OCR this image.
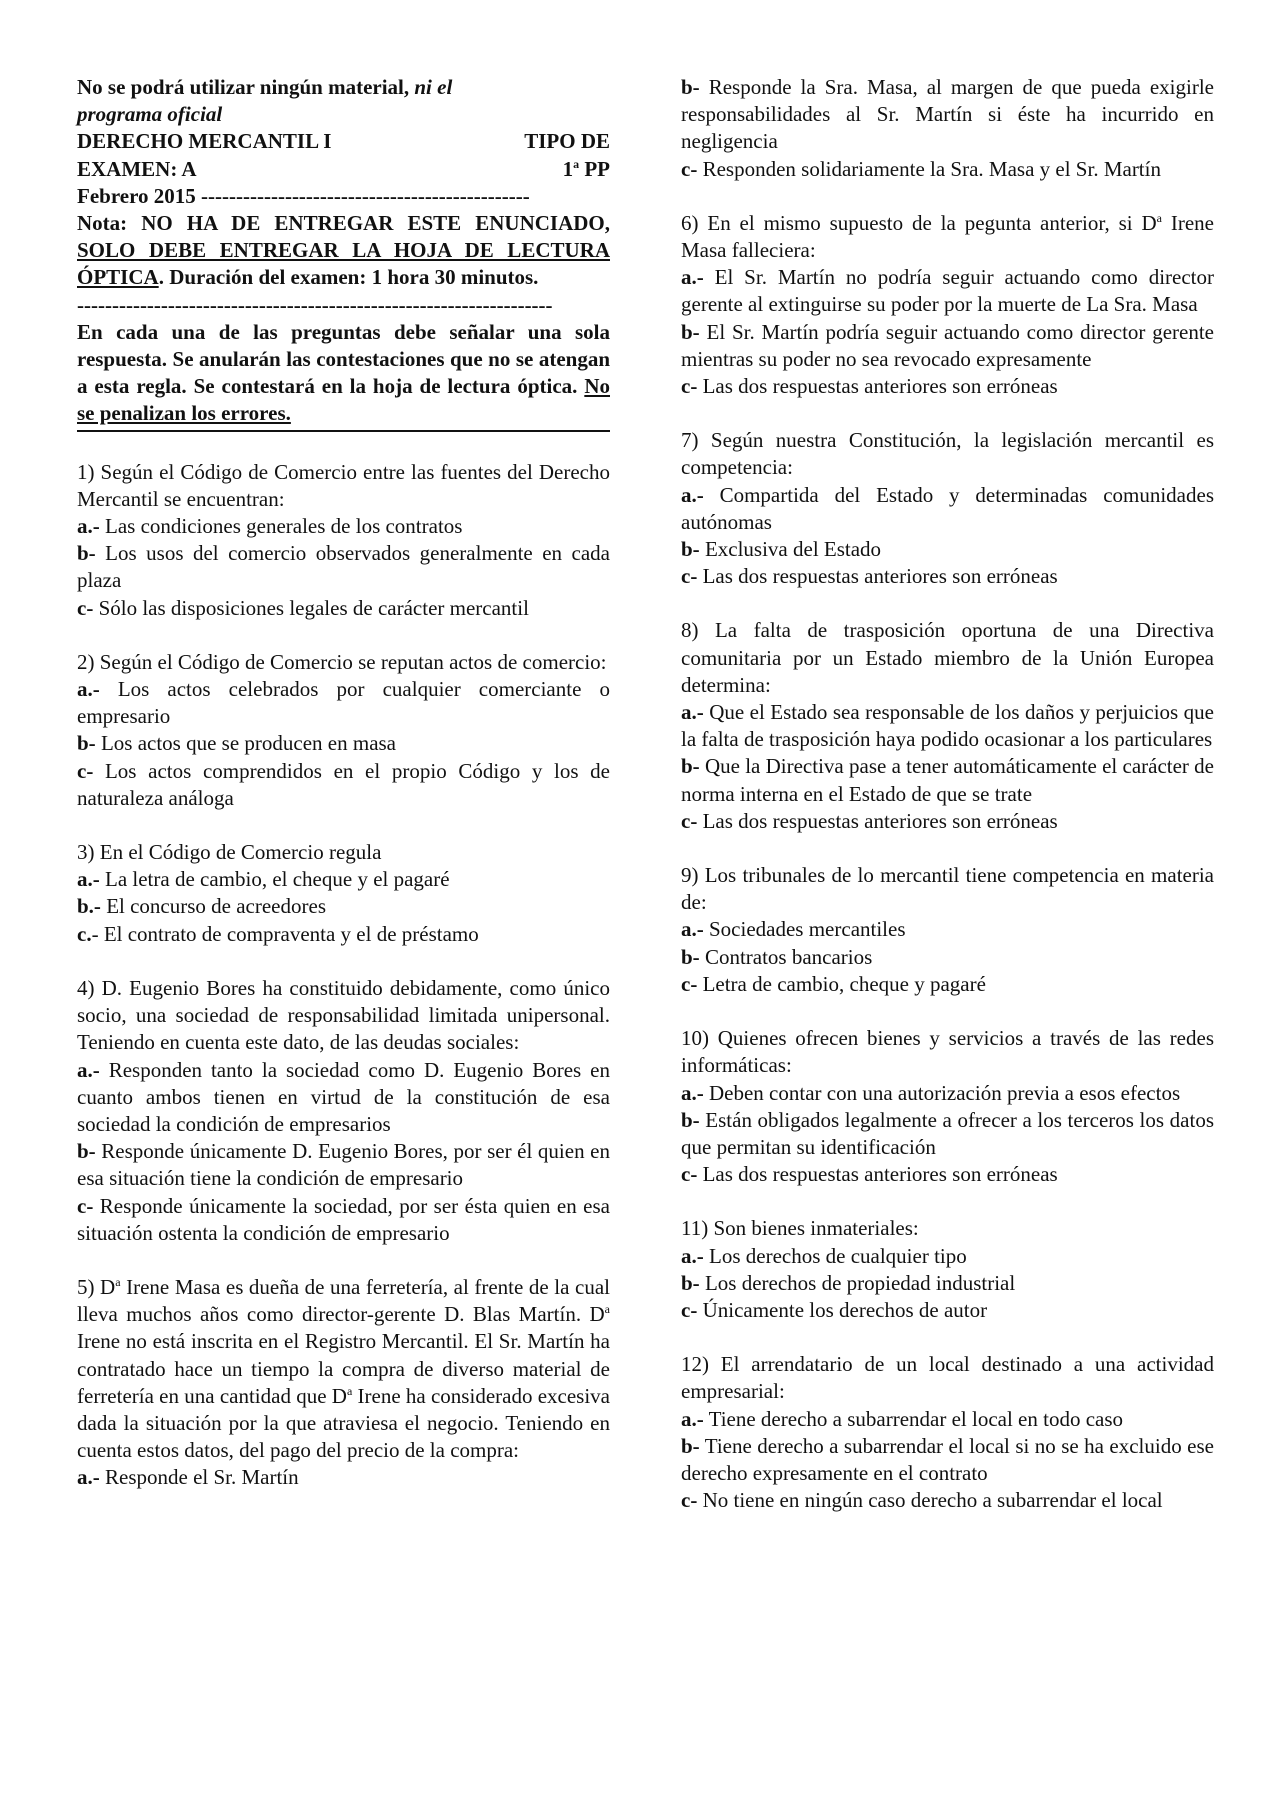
No se podrá utilizar ningún material, ni el

programa oficial

DERECHO MERCANTIL I	TIPO DE
EXAMEN: A	1$^a$ PP

Febrero 2015 -----------------------------------------------

Nota: NO HA DE ENTREGAR ESTE ENUNCIADO, SOLO DEBE ENTREGAR LA HOJA DE LECTURA ÓPTICA. Duración del examen: 1 hora 30 minutos.

--------------------------------------------------------------------

En cada una de las preguntas debe señalar una sola respuesta. Se anularán las contestaciones que no se atengan a esta regla. Se contestará en la hoja de lectura óptica. No se penalizan los errores.

1) Según el Código de Comercio entre las fuentes del Derecho Mercantil se encuentran:

a.- Las condiciones generales de los contratos

b- Los usos del comercio observados generalmente en cada plaza

c- Sólo las disposiciones legales de carácter mercantil

2) Según el Código de Comercio se reputan actos de comercio:

a.- Los actos celebrados por cualquier comerciante o empresario

b- Los actos que se producen en masa

c- Los actos comprendidos en el propio Código y los de naturaleza análoga

3) En el Código de Comercio regula

a.- La letra de cambio, el cheque y el pagaré

b.- El concurso de acreedores

c.- El contrato de compraventa y el de préstamo

4) D. Eugenio Bores ha constituido debidamente, como único socio, una sociedad de responsabilidad limitada unipersonal. Teniendo en cuenta este dato, de las deudas sociales:

a.- Responden tanto la sociedad como D. Eugenio Bores en cuanto ambos tienen en virtud de la constitución de esa sociedad la condición de empresarios

b- Responde únicamente D. Eugenio Bores, por ser él quien en esa situación tiene la condición de empresario

c- Responde únicamente la sociedad, por ser ésta quien en esa situación ostenta la condición de empresario

5) $D^a$ Irene Masa es dueña de una ferretería, al frente de la cual lleva muchos años como director-gerente D. Blas Martín. $D^a$ Irene no está inscrita en el Registro Mercantil. El Sr. Martín ha contratado hace un tiempo la compra de diverso material de ferretería en una cantidad que $D^a$ Irene ha considerado excesiva dada la situación por la que atraviesa el negocio. Teniendo en cuenta estos datos, del pago del precio de la compra:

a.- Responde el Sr. Martín

b- Responde la Sra. Masa, al margen de que pueda exigirle responsabilidades al Sr. Martín si éste ha incurrido en negligencia

c- Responden solidariamente la Sra. Masa y el Sr. Martín

6) En el mismo supuesto de la pegunta anterior, si $D^a$ Irene Masa falleciera:

a.- El Sr. Martín no podría seguir actuando como director gerente al extinguirse su poder por la muerte de La Sra. Masa

b- El Sr. Martín podría seguir actuando como director gerente mientras su poder no sea revocado expresamente

c- Las dos respuestas anteriores son erróneas

7) Según nuestra Constitución, la legislación mercantil es competencia:

a.- Compartida del Estado y determinadas comunidades autónomas

b- Exclusiva del Estado

c- Las dos respuestas anteriores son erróneas

8) La falta de trasposición oportuna de una Directiva comunitaria por un Estado miembro de la Unión Europea determina:

a.- Que el Estado sea responsable de los daños y perjuicios que la falta de trasposición haya podido ocasionar a los particulares

b- Que la Directiva pase a tener automáticamente el carácter de norma interna en el Estado de que se trate

c- Las dos respuestas anteriores son erróneas

9) Los tribunales de lo mercantil tiene competencia en materia de:

a.- Sociedades mercantiles

b- Contratos bancarios

c- Letra de cambio, cheque y pagaré

10) Quienes ofrecen bienes y servicios a través de las redes informáticas:

a.- Deben contar con una autorización previa a esos efectos

b- Están obligados legalmente a ofrecer a los terceros los datos que permitan su identificación

c- Las dos respuestas anteriores son erróneas

11) Son bienes inmateriales:

a.- Los derechos de cualquier tipo

b- Los derechos de propiedad industrial

c- Únicamente los derechos de autor

12) El arrendatario de un local destinado a una actividad empresarial:

a.- Tiene derecho a subarrendar el local en todo caso

b- Tiene derecho a subarrendar el local si no se ha excluido ese derecho expresamente en el contrato

c- No tiene en ningún caso derecho a subarrendar el local
